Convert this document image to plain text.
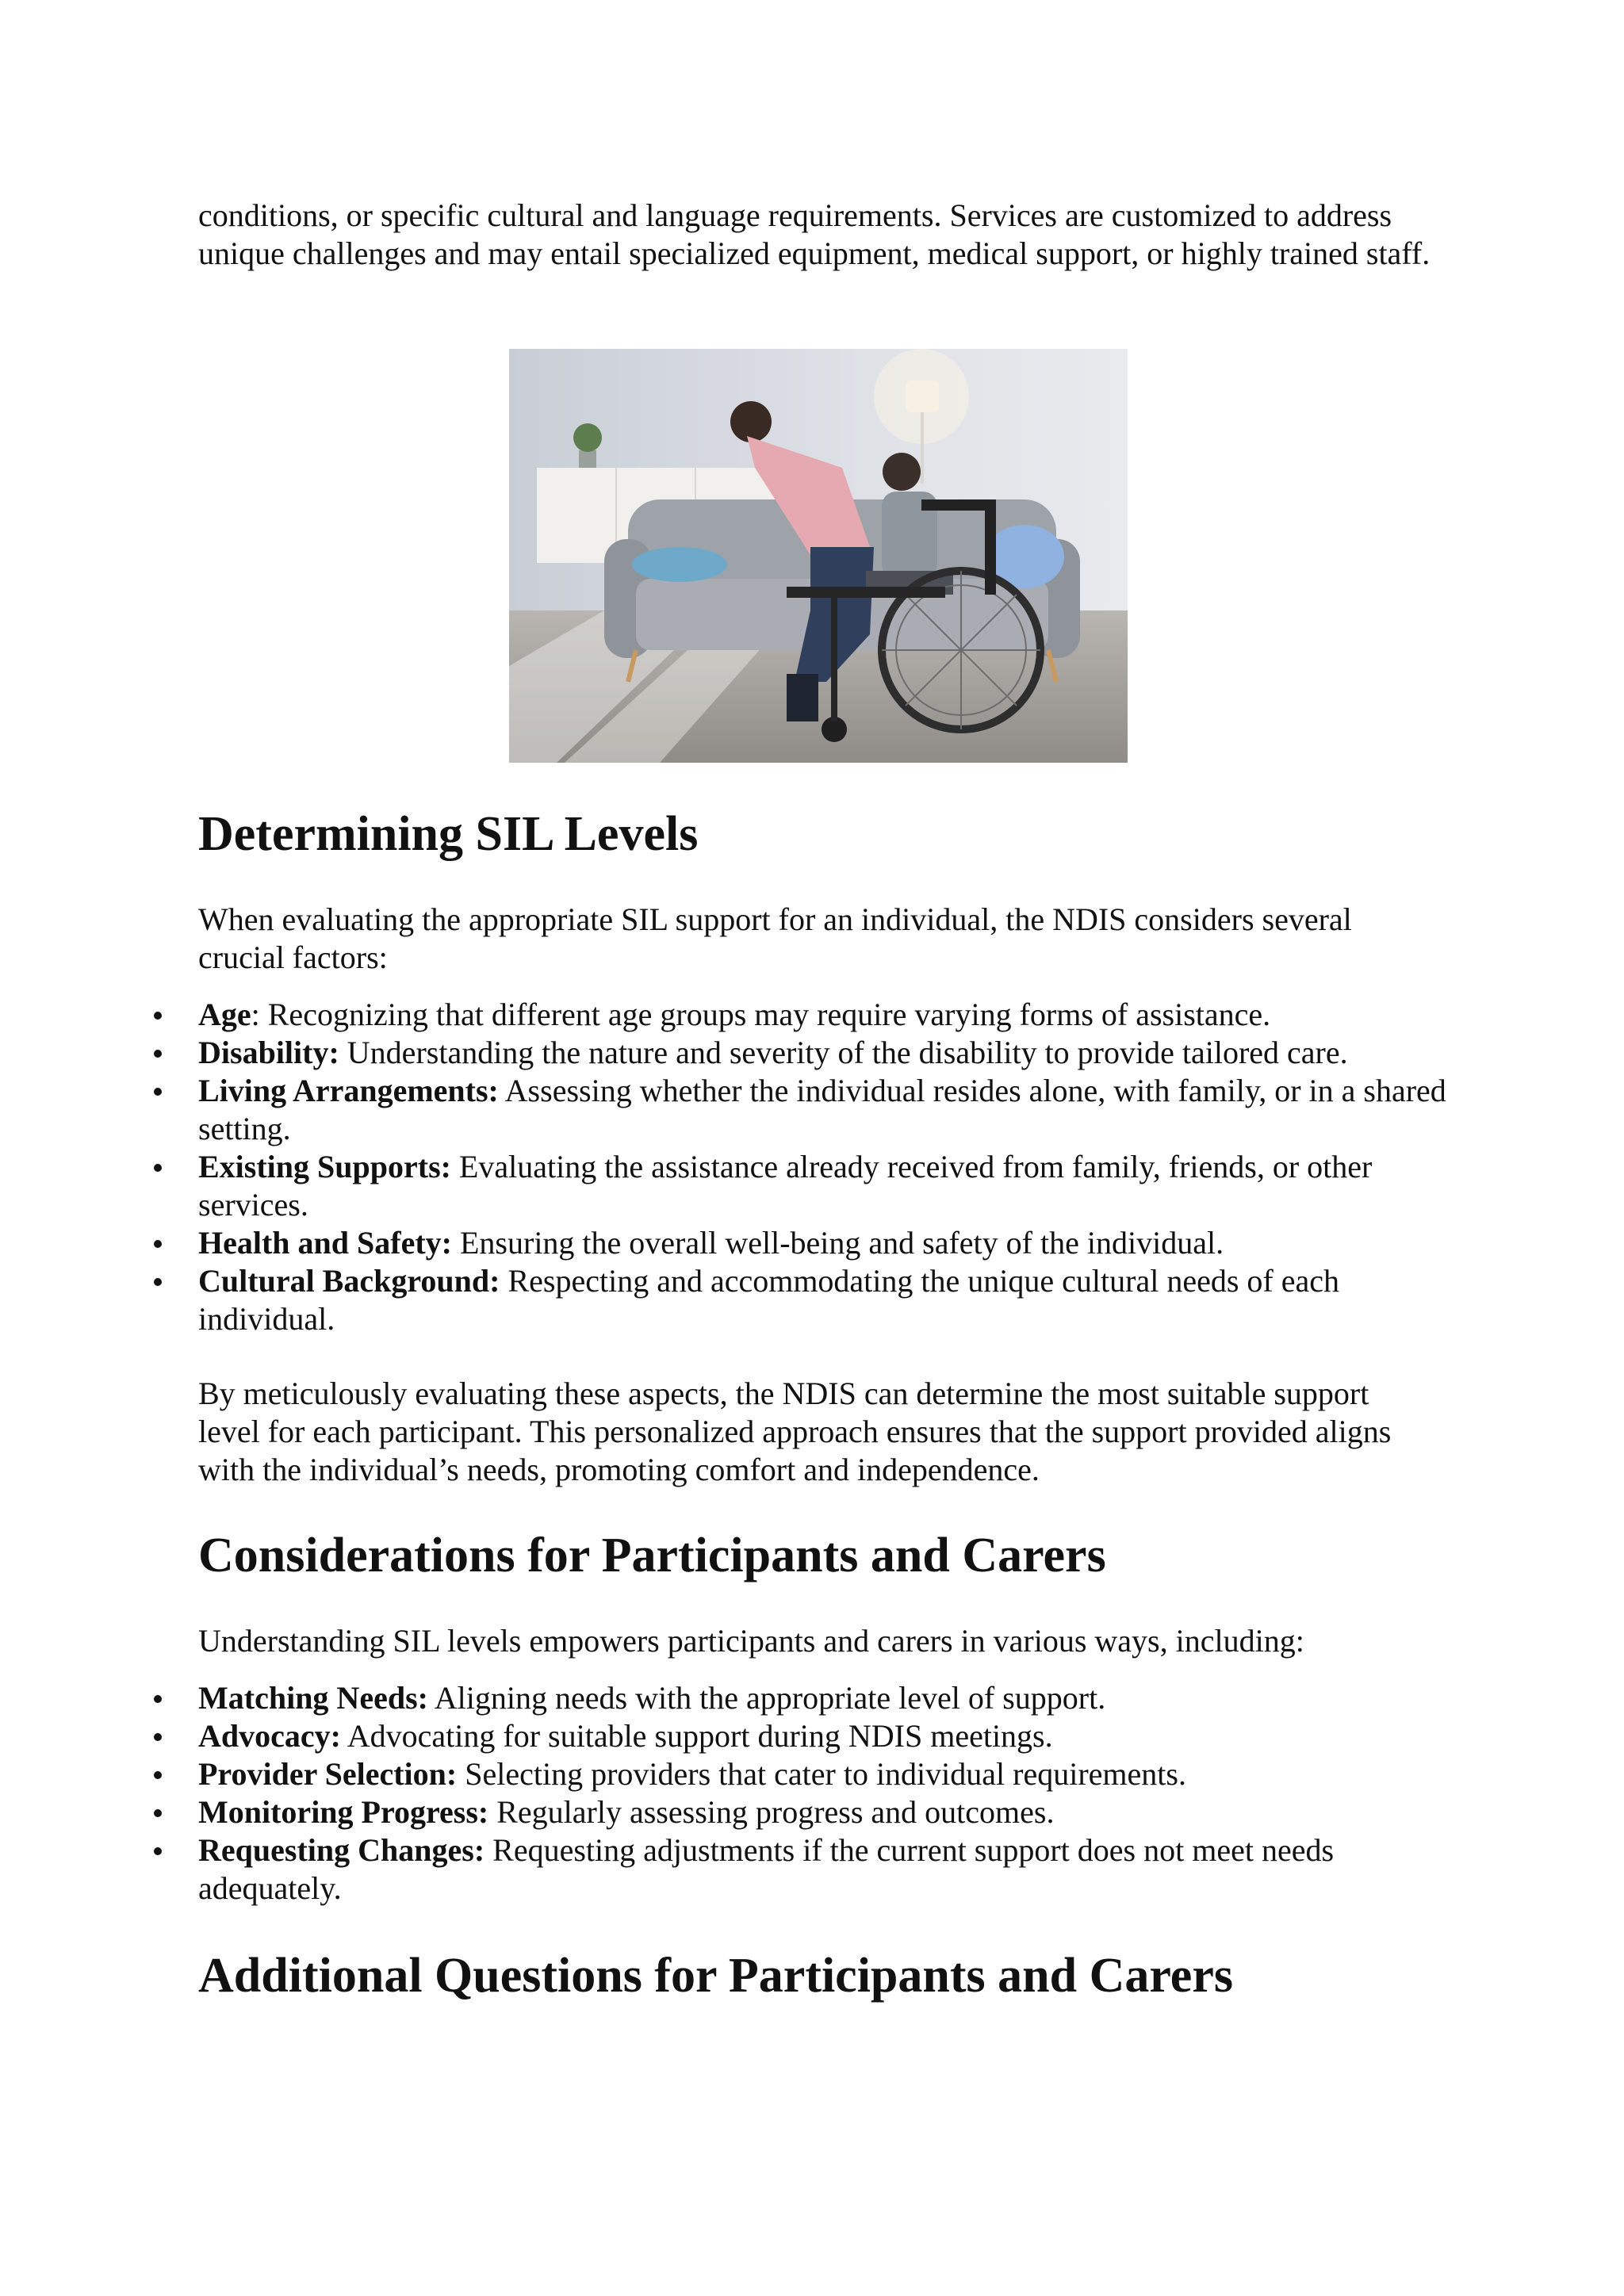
conditions, or specific cultural and language requirements. Services are customized to address unique challenges and may entail specialized equipment, medical support, or highly trained staff.

Determining SIL Levels

When evaluating the appropriate SIL support for an individual, the NDIS considers several crucial factors:

Age: Recognizing that different age groups may require varying forms of assistance.
Disability: Understanding the nature and severity of the disability to provide tailored care.
Living Arrangements: Assessing whether the individual resides alone, with family, or in a shared setting.
Existing Supports: Evaluating the assistance already received from family, friends, or other services.
Health and Safety: Ensuring the overall well-being and safety of the individual.
Cultural Background: Respecting and accommodating the unique cultural needs of each individual.

By meticulously evaluating these aspects, the NDIS can determine the most suitable support level for each participant. This personalized approach ensures that the support provided aligns with the individual’s needs, promoting comfort and independence.

Considerations for Participants and Carers

Understanding SIL levels empowers participants and carers in various ways, including:

Matching Needs: Aligning needs with the appropriate level of support.
Advocacy: Advocating for suitable support during NDIS meetings.
Provider Selection: Selecting providers that cater to individual requirements.
Monitoring Progress: Regularly assessing progress and outcomes.
Requesting Changes: Requesting adjustments if the current support does not meet needs adequately.
Additional Questions for Participants and Carers
